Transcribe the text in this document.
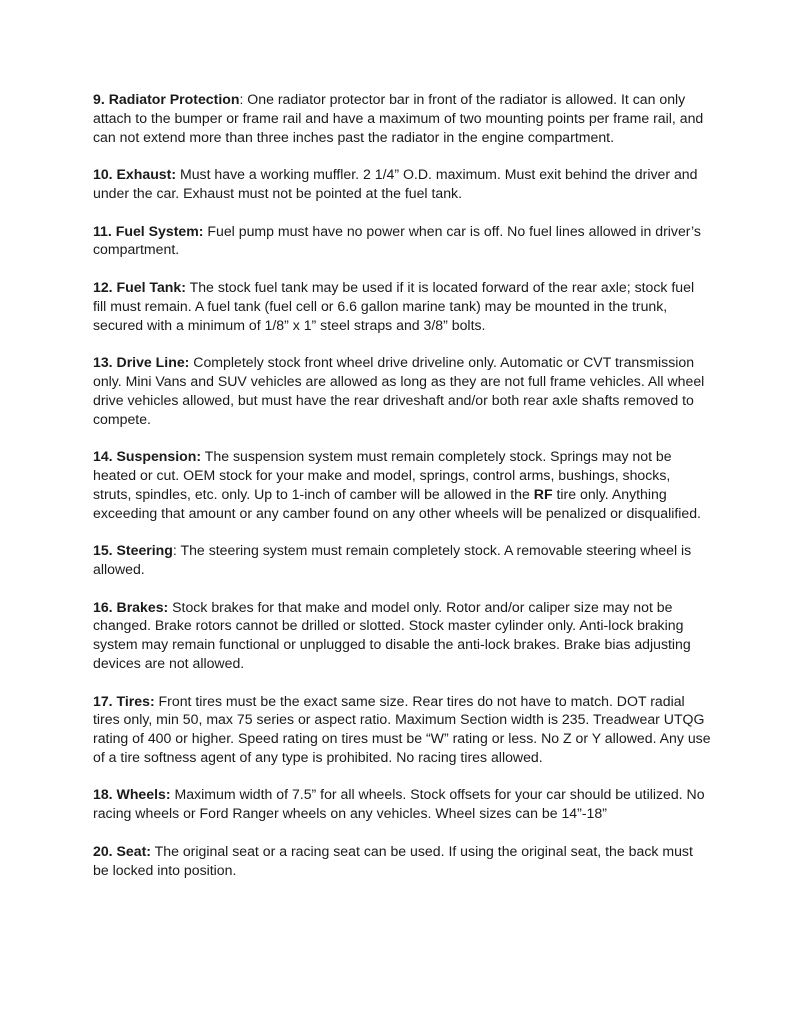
9. Radiator Protection: One radiator protector bar in front of the radiator is allowed. It can only attach to the bumper or frame rail and have a maximum of two mounting points per frame rail, and can not extend more than three inches past the radiator in the engine compartment.

10. Exhaust: Must have a working muffler. 2 1/4” O.D. maximum. Must exit behind the driver and under the car. Exhaust must not be pointed at the fuel tank.

11. Fuel System: Fuel pump must have no power when car is off. No fuel lines allowed in driver’s compartment.

12. Fuel Tank: The stock fuel tank may be used if it is located forward of the rear axle; stock fuel fill must remain. A fuel tank (fuel cell or 6.6 gallon marine tank) may be mounted in the trunk, secured with a minimum of 1/8” x 1” steel straps and 3/8” bolts.

13. Drive Line: Completely stock front wheel drive driveline only. Automatic or CVT transmission only. Mini Vans and SUV vehicles are allowed as long as they are not full frame vehicles. All wheel drive vehicles allowed, but must have the rear driveshaft and/or both rear axle shafts removed to compete.

14. Suspension: The suspension system must remain completely stock. Springs may not be heated or cut. OEM stock for your make and model, springs, control arms, bushings, shocks, struts, spindles, etc. only. Up to 1-inch of camber will be allowed in the RF tire only. Anything exceeding that amount or any camber found on any other wheels will be penalized or disqualified.

15. Steering: The steering system must remain completely stock. A removable steering wheel is allowed.

16. Brakes: Stock brakes for that make and model only. Rotor and/or caliper size may not be changed. Brake rotors cannot be drilled or slotted. Stock master cylinder only. Anti-lock braking system may remain functional or unplugged to disable the anti-lock brakes. Brake bias adjusting devices are not allowed.

17. Tires: Front tires must be the exact same size. Rear tires do not have to match. DOT radial tires only, min 50, max 75 series or aspect ratio. Maximum Section width is 235. Treadwear UTQG rating of 400 or higher. Speed rating on tires must be “W” rating or less. No Z or Y allowed. Any use of a tire softness agent of any type is prohibited. No racing tires allowed.

18. Wheels: Maximum width of 7.5” for all wheels. Stock offsets for your car should be utilized. No racing wheels or Ford Ranger wheels on any vehicles. Wheel sizes can be 14”-18”

20. Seat: The original seat or a racing seat can be used. If using the original seat, the back must be locked into position.
